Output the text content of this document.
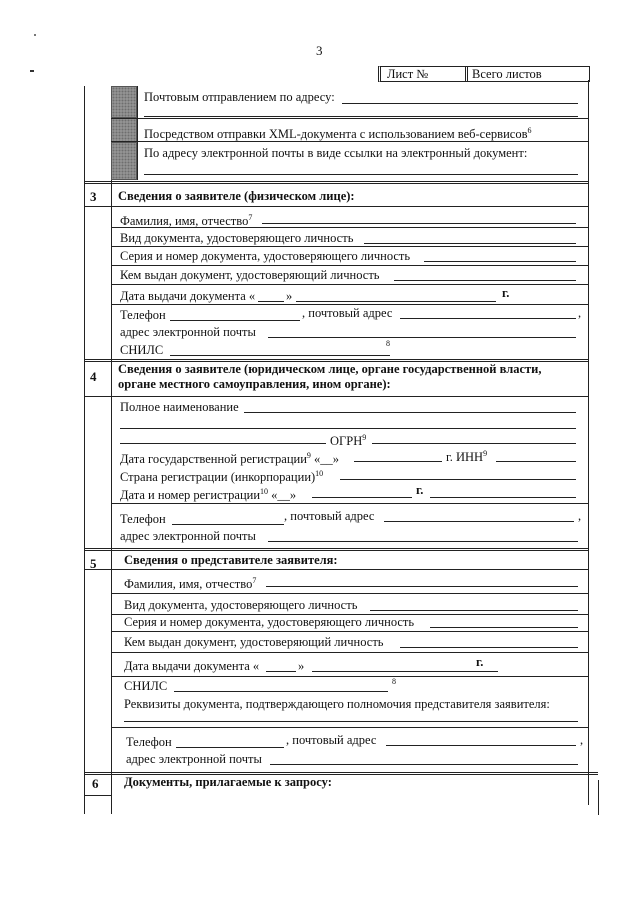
3
Лист №	Всего листов
Почтовым отправлением по адресу:
Посредством отправки XML-документа с использованием веб-сервисов$^6$
По адресу электронной почты в виде ссылки на электронный документ:
3 Сведения о заявителе (физическом лице):
Фамилия, имя, отчество$^7$
Вид документа, удостоверяющего личность
Серия и номер документа, удостоверяющего личность
Кем выдан документ, удостоверяющий личность
Дата выдачи документа « »	г.
Телефон	, почтовый адрес	,
адрес электронной почты
СНИЛС	8
4 Сведения о заявителе (юридическом лице, органе государственной власти,
органе местного самоуправления, ином органе):
Полное наименование
ОГРН$^9$
Дата государственной регистрации$^9$ «__»	г. ИНН$^9$
Страна регистрации (инкорпорации)$^{10}$
Дата и номер регистрации$^{10}$ «__»	г.
Телефон	, почтовый адрес	,
адрес электронной почты
5 Сведения о представителе заявителя:
Фамилия, имя, отчество$^7$
Вид документа, удостоверяющего личность
Серия и номер документа, удостоверяющего личность
Кем выдан документ, удостоверяющий личность
Дата выдачи документа «	»	г.
СНИЛС	8
Реквизиты документа, подтверждающего полномочия представителя заявителя:
Телефон	, почтовый адрес	,
адрес электронной почты
6 Документы, прилагаемые к запросу:
